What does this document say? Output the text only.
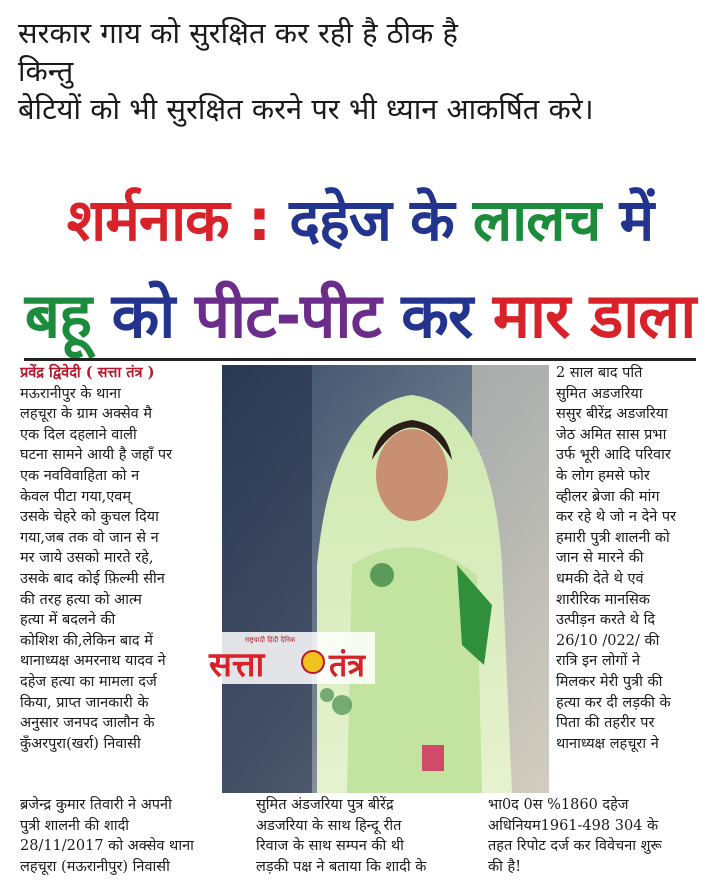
सरकार गाय को सुरक्षित कर रही है ठीक है
किन्तु
बेटियों को भी सुरक्षित करने पर भी ध्यान आकर्षित करे।
शर्मनाक : दहेज के लालच में
बहू को पीट-पीट कर मार डाला
प्रवेंद्र द्विवेदी ( सत्ता तंत्र )
मऊरानीपुर के थाना
लहचूरा के ग्राम अक्सेव मै
एक दिल दहलाने वाली
घटना सामने आयी है जहाँ पर
एक नवविवाहिता को न
केवल पीटा गया,एवम्
उसके चेहरे को कुचल दिया
गया,जब तक वो जान से न
मर जाये उसको मारते रहे,
उसके बाद कोई फ़िल्मी सीन
की तरह हत्या को आत्म
हत्या में बदलने की
कोशिश की,लेकिन बाद में
थानाध्यक्ष अमरनाथ यादव ने
दहेज हत्या का मामला दर्ज
किया, प्राप्त जानकारी के
अनुसार जनपद जालौन के
कुँअरपुरा(खर्रा) निवासी
2 साल बाद पति
सुमित अडजरिया
ससुर बीरेंद्र अडजरिया
जेठ अमित सास प्रभा
उर्फ भूरी आदि परिवार
के लोग हमसे फोर
व्हीलर ब्रेजा की मांग
कर रहे थे जो न देने पर
हमारी पुत्री शालनी को
जान से मारने की
धमकी देते थे एवं
शारीरिक मानसिक
उत्पीड़न करते थे दि
26/10 /022/ की
रात्रि इन लोगों ने
मिलकर मेरी पुत्री की
हत्या कर दी लड़की के
पिता की तहरीर पर
थानाध्यक्ष लहचूरा ने
राष्ट्रवादी हिंदी दैनिक
सत्ता तंत्र
ब्रजेन्द्र कुमार तिवारी ने अपनी
पुत्री शालनी की शादी
28/11/2017 को अक्सेव थाना
लहचूरा (मऊरानीपुर) निवासी
सुमित अंडजरिया पुत्र बीरेंद्र
अडजरिया के साथ हिन्दू रीत
रिवाज के साथ सम्पन की थी
लड़की पक्ष ने बताया कि शादी के
भा0द 0स %1860 दहेज
अधिनियम1961-498 304 के
तहत रिपोट दर्ज कर विवेचना शुरू
की है!
